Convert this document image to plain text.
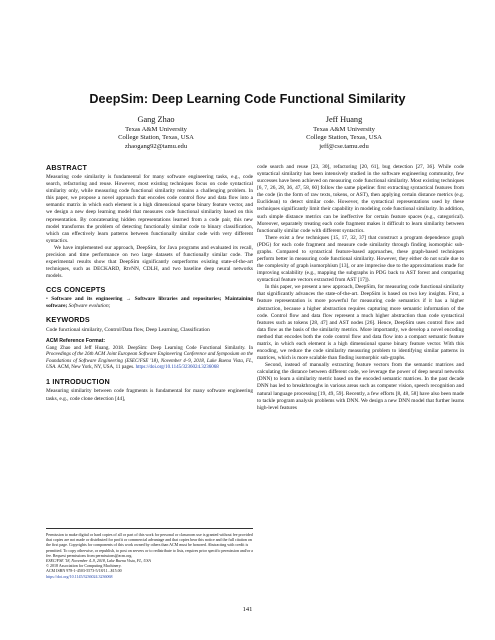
DeepSim: Deep Learning Code Functional Similarity
Gang Zhao
Texas A&M University
College Station, Texas, USA
zhaogang92@tamu.edu
Jeff Huang
Texas A&M University
College Station, Texas, USA
jeff@cse.tamu.edu
ABSTRACT

Measuring code similarity is fundamental for many software engineering tasks, e.g., code search, refactoring and reuse. However, most existing techniques focus on code syntactical similarity only, while measuring code functional similarity remains a challenging problem. In this paper, we propose a novel approach that encodes code control flow and data flow into a semantic matrix in which each element is a high dimensional sparse binary feature vector, and we design a new deep learning model that measures code functional similarity based on this representation. By concatenating hidden representations learned from a code pair, this new model transforms the problem of detecting functionally similar code to binary classification, which can effectively learn patterns between functionally similar code with very different syntactics.

We have implemented our approach, DeepSim, for Java programs and evaluated its recall, precision and time performance on two large datasets of functionally similar code. The experimental results show that DeepSim significantly outperforms existing state-of-the-art techniques, such as DECKARD, RtvNN, CDLH, and two baseline deep neural networks models.

CCS CONCEPTS

• Software and its engineering → Software libraries and repositories; Maintaining software; Software evolution;

KEYWORDS

Code functional similarity, Control/Data flow, Deep Learning, Classification

ACM Reference Format:

Gang Zhao and Jeff Huang. 2018. DeepSim: Deep Learning Code Functional Similarity. In Proceedings of the 26th ACM Joint European Software Engineering Conference and Symposium on the Foundations of Software Engineering (ESEC/FSE '18), November 4–9, 2018, Lake Buena Vista, FL, USA. ACM, New York, NY, USA, 11 pages. https://doi.org/10.1145/3236024.3236068

1 INTRODUCTION

Measuring similarity between code fragments is fundamental for many software engineering tasks, e.g., code clone detection [44],

Permission to make digital or hard copies of all or part of this work for personal or classroom use is granted without fee provided that copies are not made or distributed for profit or commercial advantage and that copies bear this notice and the full citation on the first page. Copyrights for components of this work owned by others than ACM must be honored. Abstracting with credit is permitted. To copy otherwise, or republish, to post on servers or to redistribute to lists, requires prior specific permission and/or a fee. Request permissions from permissions@acm.org.

ESEC/FSE '18, November 4–9, 2018, Lake Buena Vista, FL, USA

© 2018 Association for Computing Machinery.

ACM ISBN 978-1-4503-5573-5/18/11...$15.00

https://doi.org/10.1145/3236024.3236068

code search and reuse [23, 30], refactoring [20, 61], bug detection [27, 36]. While code syntactical similarity has been intensively studied in the software engineering community, few successes have been achieved on measuring code functional similarity. Most existing techniques [6, 7, 26, 28, 36, 47, 58, 60] follow the same pipeline: first extracting syntactical features from the code (in the form of raw texts, tokens, or AST), then applying certain distance metrics (e.g. Euclidean) to detect similar code. However, the syntactical representations used by these techniques significantly limit their capability in modeling code functional similarity. In addition, such simple distance metrics can be ineffective for certain feature spaces (e.g., categorical). Moreover, separately treating each code fragment makes it difficult to learn similarity between functionally similar code with different syntactics.

There exist a few techniques [15, 17, 32, 37] that construct a program dependence graph (PDG) for each code fragment and measure code similarity through finding isomorphic sub-graphs. Compared to syntactical feature-based approaches, these graph-based techniques perform better in measuring code functional similarity. However, they either do not scale due to the complexity of graph isomorphism [13], or are imprecise due to the approximations made for improving scalability (e.g., mapping the subgraphs in PDG back to AST forest and comparing syntactical feature vectors extracted from AST [17]).

In this paper, we present a new approach, DeepSim, for measuring code functional similarity that significantly advances the state-of-the-art. DeepSim is based on two key insights. First, a feature representation is more powerful for measuring code semantics if it has a higher abstraction, because a higher abstraction requires capturing more semantic information of the code. Control flow and data flow represent a much higher abstraction than code syntactical features such as tokens [28, 47] and AST nodes [26]. Hence, DeepSim uses control flow and data flow as the basis of the similarity metrics. More importantly, we develop a novel encoding method that encodes both the code control flow and data flow into a compact semantic feature matrix, in which each element is a high dimensional sparse binary feature vector. With this encoding, we reduce the code similarity measuring problem to identifying similar patterns in matrices, which is more scalable than finding isomorphic sub-graphs.

Second, instead of manually extracting feature vectors from the semantic matrices and calculating the distance between different code, we leverage the power of deep neural networks (DNN) to learn a similarity metric based on the encoded semantic matrices. In the past decade DNN has led to breakthroughs in various areas such as computer vision, speech recognition and natural language processing [19, 49, 59]. Recently, a few efforts [8, 48, 58] have also been made to tackle program analysis problems with DNN. We design a new DNN model that further learns high-level features

141
